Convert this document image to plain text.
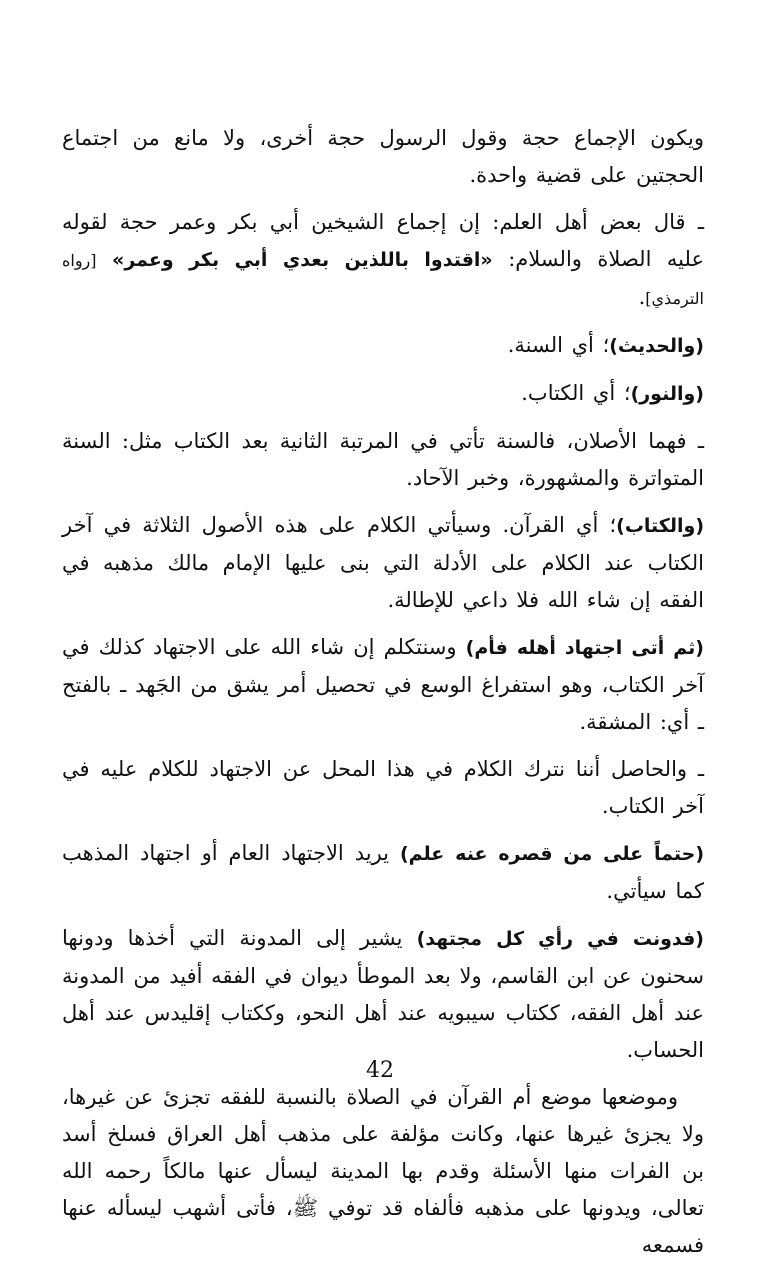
ويكون الإجماع حجة وقول الرسول حجة أخرى، ولا مانع من اجتماع الحجتين على قضية واحدة.

ـ قال بعض أهل العلم: إن إجماع الشيخين أبي بكر وعمر حجة لقوله عليه الصلاة والسلام: «اقتدوا باللذين بعدي أبي بكر وعمر» [رواه الترمذي].

(والحديث)؛ أي السنة.

(والنور)؛ أي الكتاب.

ـ فهما الأصلان، فالسنة تأتي في المرتبة الثانية بعد الكتاب مثل: السنة المتواترة والمشهورة، وخبر الآحاد.

(والكتاب)؛ أي القرآن. وسيأتي الكلام على هذه الأصول الثلاثة في آخر الكتاب عند الكلام على الأدلة التي بنى عليها الإمام مالك مذهبه في الفقه إن شاء الله فلا داعي للإطالة.

(ثم أتى اجتهاد أهله فأم) وسنتكلم إن شاء الله على الاجتهاد كذلك في آخر الكتاب، وهو استفراغ الوسع في تحصيل أمر يشق من الجَهد ـ بالفتح ـ أي: المشقة.

ـ والحاصل أننا نترك الكلام في هذا المحل عن الاجتهاد للكلام عليه في آخر الكتاب.

(حتماً على من قصره عنه علم) يريد الاجتهاد العام أو اجتهاد المذهب كما سيأتي.

(فدونت في رأي كل مجتهد) يشير إلى المدونة التي أخذها ودونها سحنون عن ابن القاسم، ولا بعد الموطأ ديوان في الفقه أفيد من المدونة عند أهل الفقه، ككتاب سيبويه عند أهل النحو، وككتاب إقليدس عند أهل الحساب.

وموضعها موضع أم القرآن في الصلاة بالنسبة للفقه تجزئ عن غيرها، ولا يجزئ غيرها عنها، وكانت مؤلفة على مذهب أهل العراق فسلخ أسد بن الفرات منها الأسئلة وقدم بها المدينة ليسأل عنها مالكاً رحمه الله تعالى، ويدونها على مذهبه فألفاه قد توفي ﷺ، فأتى أشهب ليسأله عنها فسمعه

42
